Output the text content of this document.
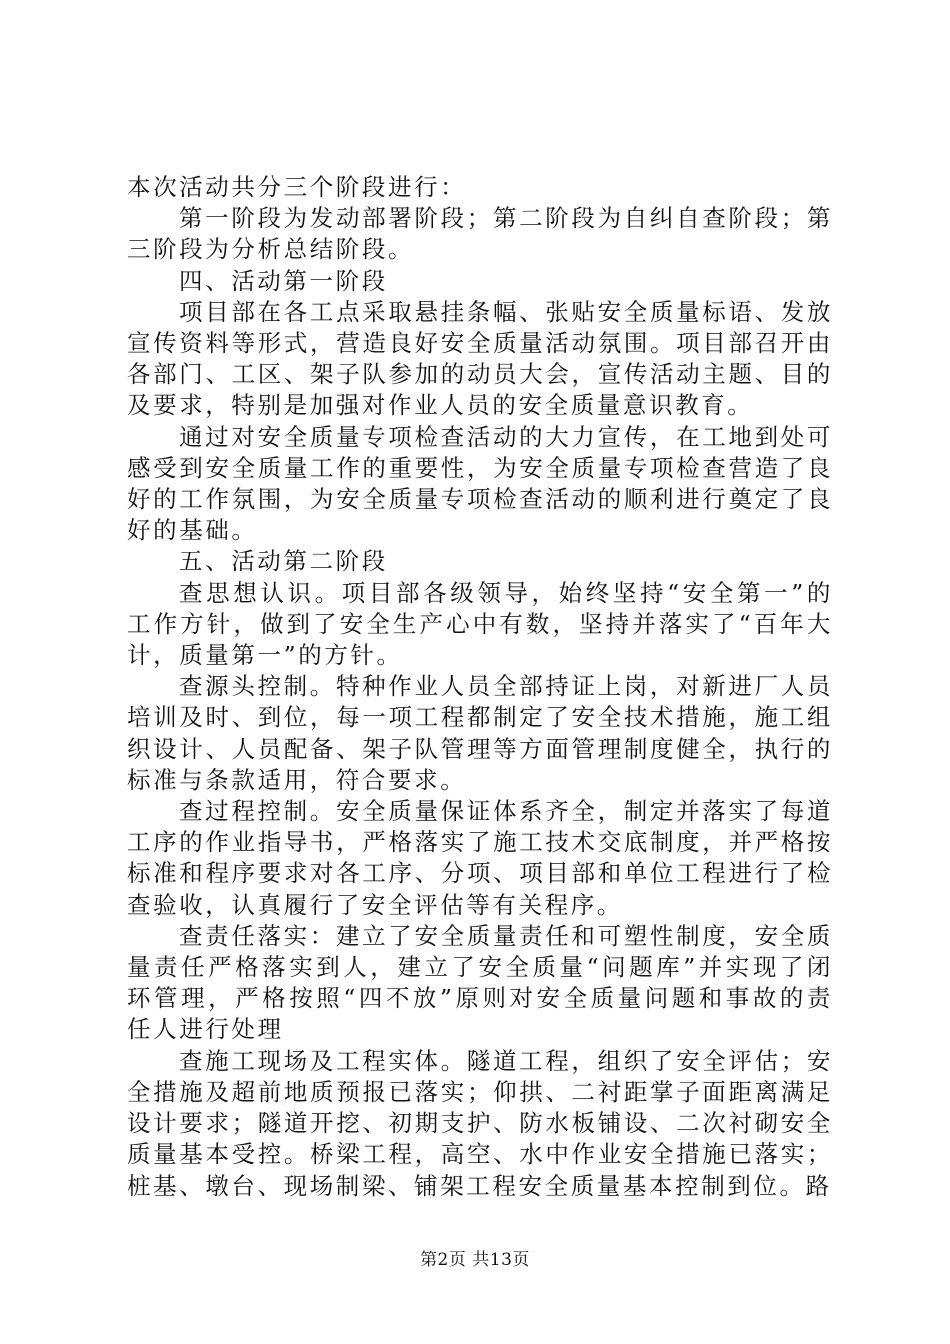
本次活动共分三个阶段进行：

第一阶段为发动部署阶段；第二阶段为自纠自查阶段；第三阶段为分析总结阶段。

四、活动第一阶段

项目部在各工点采取悬挂条幅、张贴安全质量标语、发放宣传资料等形式，营造良好安全质量活动氛围。项目部召开由各部门、工区、架子队参加的动员大会，宣传活动主题、目的及要求，特别是加强对作业人员的安全质量意识教育。

通过对安全质量专项检查活动的大力宣传，在工地到处可感受到安全质量工作的重要性，为安全质量专项检查营造了良好的工作氛围，为安全质量专项检查活动的顺利进行奠定了良好的基础。

五、活动第二阶段

查思想认识。项目部各级领导，始终坚持“安全第一”的工作方针，做到了安全生产心中有数，坚持并落实了“百年大计，质量第一”的方针。

查源头控制。特种作业人员全部持证上岗，对新进厂人员培训及时、到位，每一项工程都制定了安全技术措施，施工组织设计、人员配备、架子队管理等方面管理制度健全，执行的标准与条款适用，符合要求。

查过程控制。安全质量保证体系齐全，制定并落实了每道工序的作业指导书，严格落实了施工技术交底制度，并严格按标准和程序要求对各工序、分项、项目部和单位工程进行了检查验收，认真履行了安全评估等有关程序。

查责任落实：建立了安全质量责任和可塑性制度，安全质量责任严格落实到人，建立了安全质量“问题库”并实现了闭环管理，严格按照“四不放”原则对安全质量问题和事故的责任人进行处理

查施工现场及工程实体。隧道工程，组织了安全评估；安全措施及超前地质预报已落实；仰拱、二衬距掌子面距离满足设计要求；隧道开挖、初期支护、防水板铺设、二次衬砌安全质量基本受控。桥梁工程，高空、水中作业安全措施已落实；桩基、墩台、现场制梁、铺架工程安全质量基本控制到位。路

第2页 共13页
